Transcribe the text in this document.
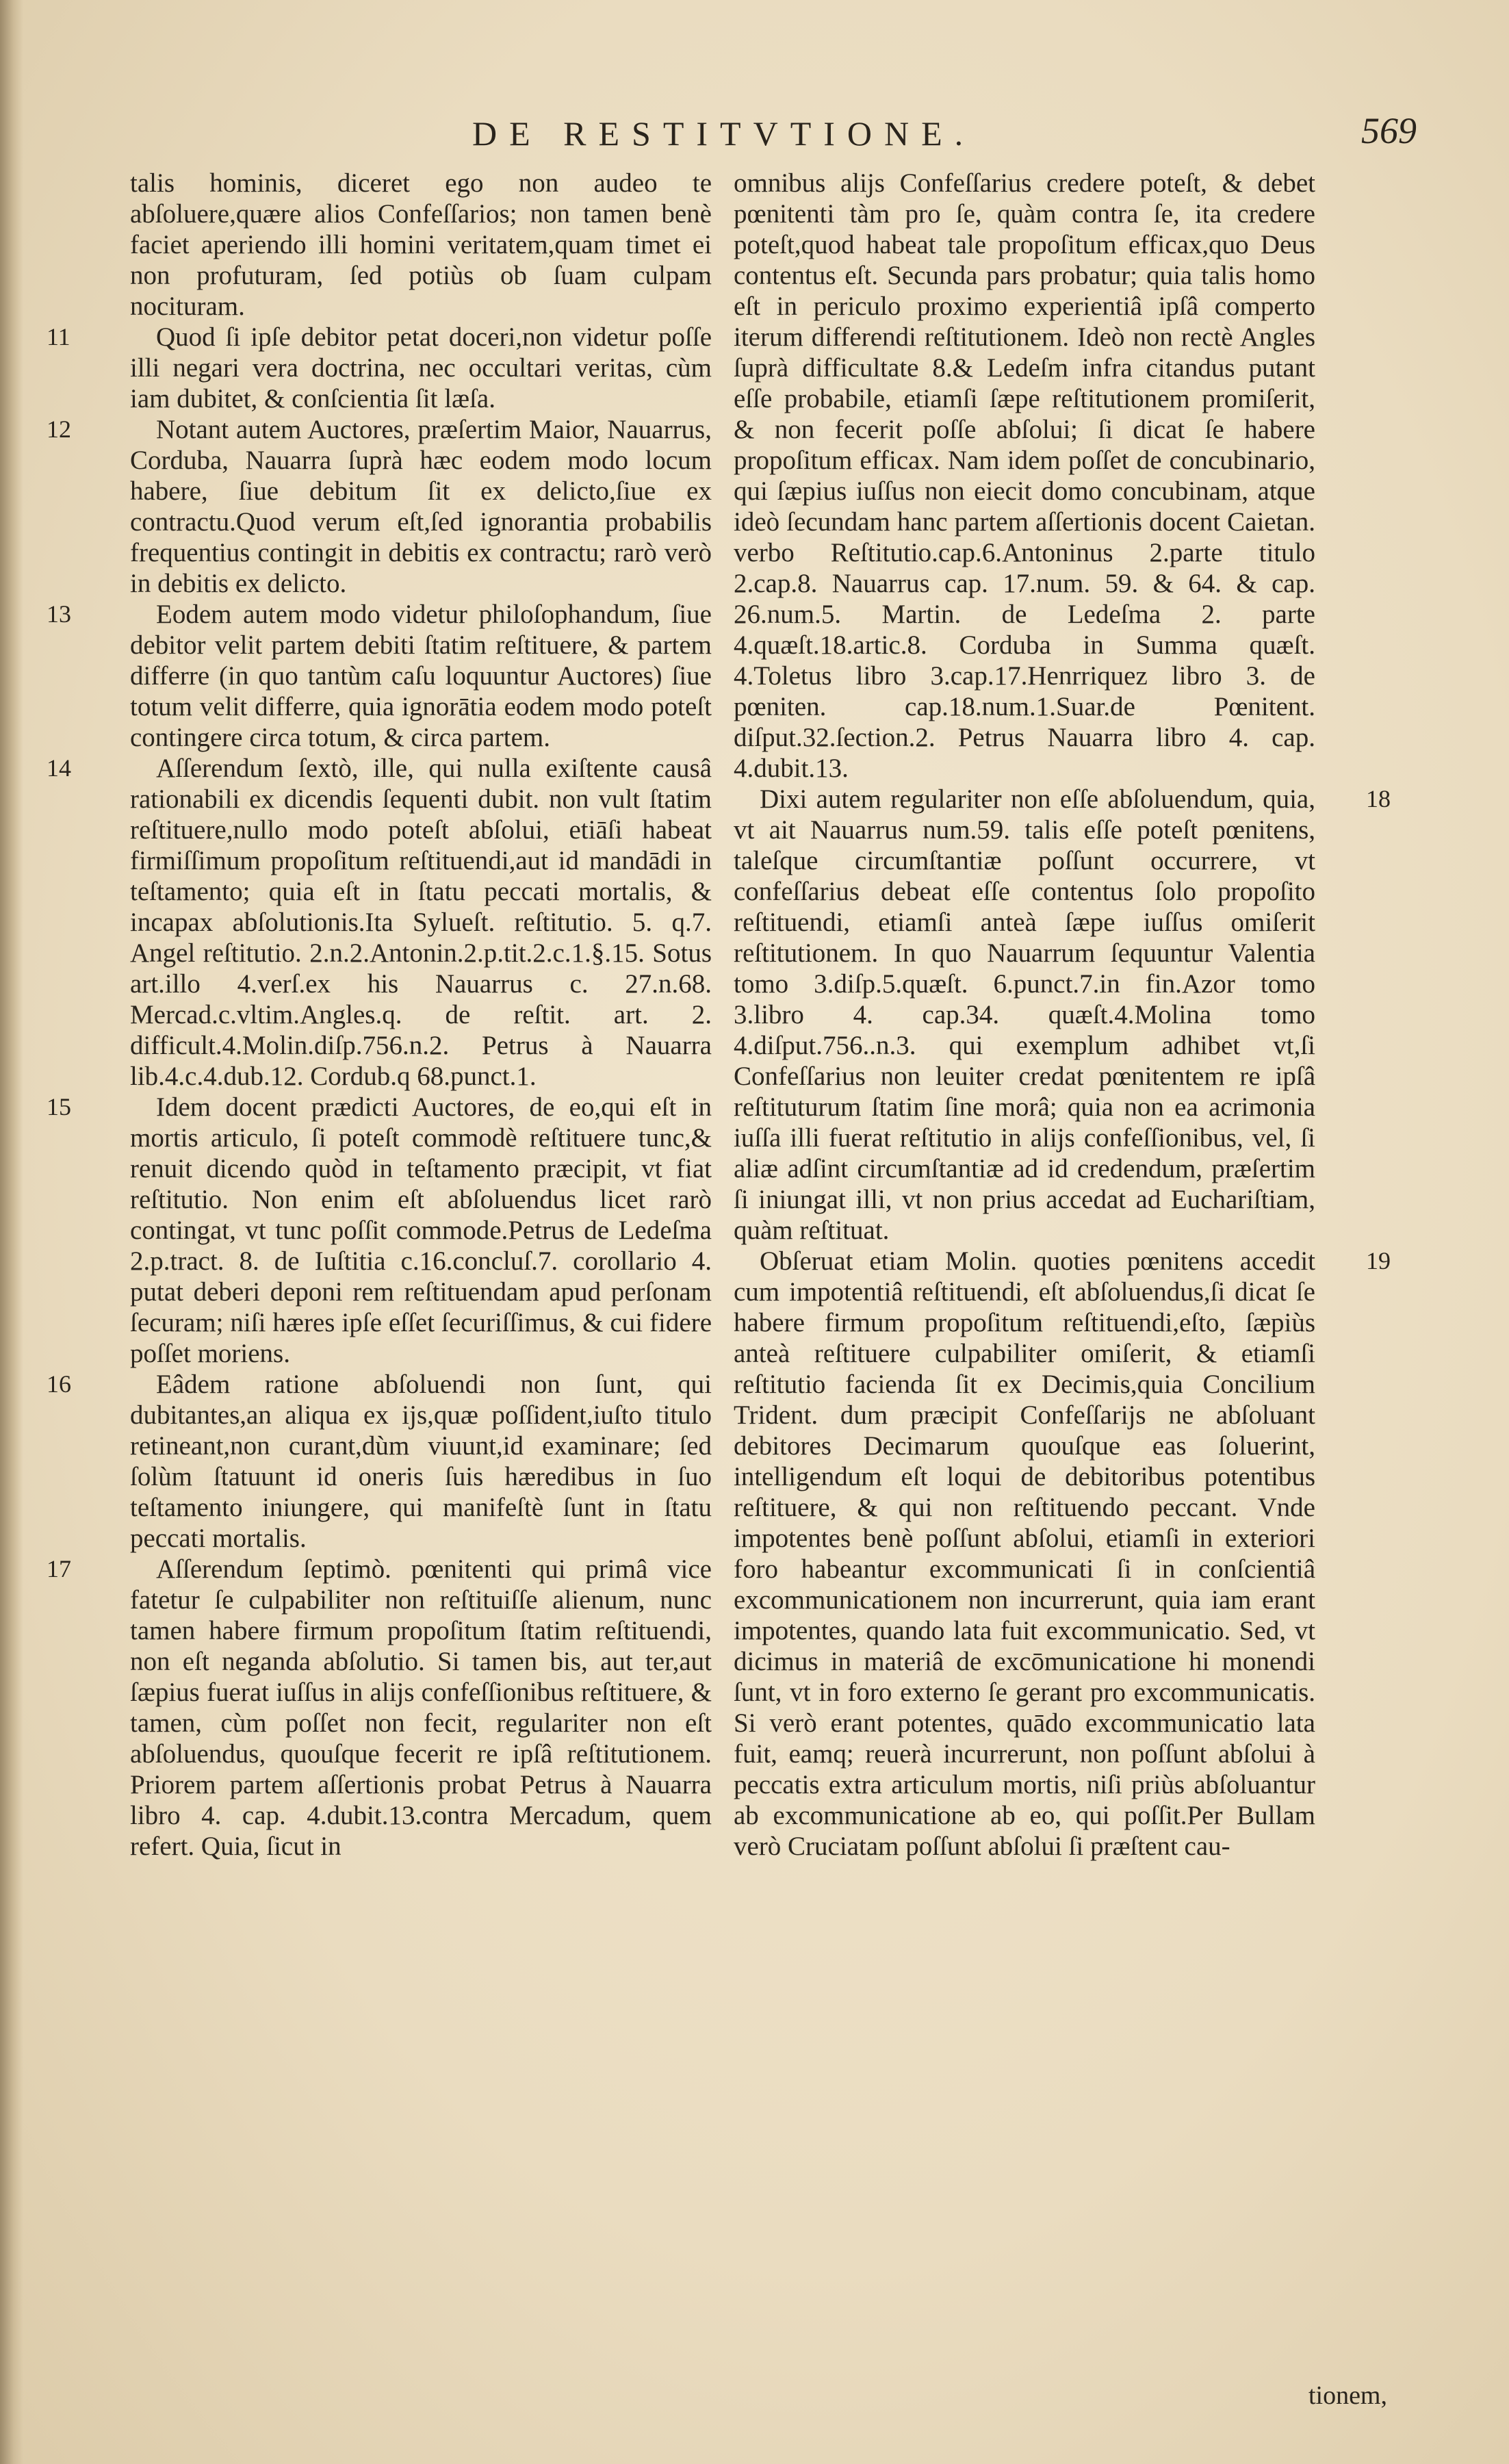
DE RESTITVTIONE.	569

talis hominis, diceret ego non audeo te abſoluere,quære alios Confeſſarios; non tamen benè faciet aperiendo illi homini veritatem,quam timet ei non profuturam, ſed potiùs ob ſuam culpam nocituram.

11	Quod ſi ipſe debitor petat doceri,non videtur poſſe illi negari vera doctrina, nec occultari veritas, cùm iam dubitet, & conſcientia ſit læſa.

12	Notant autem Auctores, præſertim Maior, Nauarrus, Corduba, Nauarra ſuprà hæc eodem modo locum habere, ſiue debitum ſit ex delicto,ſiue ex contractu.Quod verum eſt,ſed ignorantia probabilis frequentius contingit in debitis ex contractu; rarò verò in debitis ex delicto.

13	Eodem autem modo videtur philoſophandum, ſiue debitor velit partem debiti ſtatim reſtituere, & partem differre (in quo tantùm caſu loquuntur Auctores) ſiue totum velit differre, quia ignorātia eodem modo poteſt contingere circa totum, & circa partem.

14	Aſſerendum ſextò, ille, qui nulla exiſtente causâ rationabili ex dicendis ſequenti dubit. non vult ſtatim reſtituere,nullo modo poteſt abſolui, etiāſi habeat firmiſſimum propoſitum reſtituendi,aut id mandādi in teſtamento; quia eſt in ſtatu peccati mortalis, & incapax abſolutionis.Ita Sylueſt. reſtitutio. 5. q.7. Angel reſtitutio. 2.n.2.Antonin.2.p.tit.2.c.1.§.15. Sotus art.illo 4.verſ.ex his Nauarrus c. 27.n.68. Mercad.c.vltim.Angles.q. de reſtit. art. 2. difficult.4.Molin.diſp.756.n.2. Petrus à Nauarra lib.4.c.4.dub.12. Cordub.q 68.punct.1.

15	Idem docent prædicti Auctores, de eo,qui eſt in mortis articulo, ſi poteſt commodè reſtituere tunc,& renuit dicendo quòd in teſtamento præcipit, vt fiat reſtitutio. Non enim eſt abſoluendus licet rarò contingat, vt tunc poſſit commode.Petrus de Ledeſma 2.p.tract. 8. de Iuſtitia c.16.concluſ.7. corollario 4. putat deberi deponi rem reſtituendam apud perſonam ſecuram; niſi hæres ipſe eſſet ſecuriſſimus, & cui fidere poſſet moriens.

16	Eâdem ratione abſoluendi non ſunt, qui dubitantes,an aliqua ex ijs,quæ poſſident,iuſto titulo retineant,non curant,dùm viuunt,id examinare; ſed ſolùm ſtatuunt id oneris ſuis hæredibus in ſuo teſtamento iniungere, qui manifeſtè ſunt in ſtatu peccati mortalis.

17	Aſſerendum ſeptimò. pœnitenti qui primâ vice fatetur ſe culpabiliter non reſtituiſſe alienum, nunc tamen habere firmum propoſitum ſtatim reſtituendi, non eſt neganda abſolutio. Si tamen bis, aut ter,aut ſæpius fuerat iuſſus in alijs confeſſionibus reſtituere, & tamen, cùm poſſet non fecit, regulariter non eſt abſoluendus, quouſque fecerit re ipſâ reſtitutionem. Priorem partem aſſertionis probat Petrus à Nauarra libro 4. cap. 4.dubit.13.contra Mercadum, quem refert. Quia, ſicut in

omnibus alijs Confeſſarius credere poteſt, & debet pœnitenti tàm pro ſe, quàm contra ſe, ita credere poteſt,quod habeat tale propoſitum efficax,quo Deus contentus eſt. Secunda pars probatur; quia talis homo eſt in periculo proximo experientiâ ipſâ comperto iterum differendi reſtitutionem. Ideò non rectè Angles ſuprà difficultate 8.& Ledeſm infra citandus putant eſſe probabile, etiamſi ſæpe reſtitutionem promiſerit, & non fecerit poſſe abſolui; ſi dicat ſe habere propoſitum efficax. Nam idem poſſet de concubinario, qui ſæpius iuſſus non eiecit domo concubinam, atque ideò ſecundam hanc partem aſſertionis docent Caietan. verbo Reſtitutio.cap.6.Antoninus 2.parte titulo 2.cap.8. Nauarrus cap. 17.num. 59. & 64. & cap. 26.num.5. Martin. de Ledeſma 2. parte 4.quæſt.18.artic.8. Corduba in Summa quæſt. 4.Toletus libro 3.cap.17.Henrriquez libro 3. de pœniten. cap.18.num.1.Suar.de Pœnitent. diſput.32.ſection.2. Petrus Nauarra libro 4. cap. 4.dubit.13.

18
Dixi autem regulariter non eſſe abſoluendum, quia, vt ait Nauarrus num.59. talis eſſe poteſt pœnitens, taleſque circumſtantiæ poſſunt occurrere, vt confeſſarius debeat eſſe contentus ſolo propoſito reſtituendi, etiamſi anteà ſæpe iuſſus omiſerit reſtitutionem. In quo Nauarrum ſequuntur Valentia tomo 3.diſp.5.quæſt. 6.punct.7.in fin.Azor tomo 3.libro 4. cap.34. quæſt.4.Molina tomo 4.diſput.756..n.3. qui exemplum adhibet vt,ſi Confeſſarius non leuiter credat pœnitentem re ipſâ reſtituturum ſtatim ſine morâ; quia non ea acrimonia iuſſa illi fuerat reſtitutio in alijs confeſſionibus, vel, ſi aliæ adſint circumſtantiæ ad id credendum, præſertim ſi iniungat illi, vt non prius accedat ad Euchariſtiam, quàm reſtituat.

19
Obſeruat etiam Molin. quoties pœnitens accedit cum impotentiâ reſtituendi, eſt abſoluendus,ſi dicat ſe habere firmum propoſitum reſtituendi,eſto, ſæpiùs anteà reſtituere culpabiliter omiſerit, & etiamſi reſtitutio facienda ſit ex Decimis,quia Concilium Trident. dum præcipit Confeſſarijs ne abſoluant debitores Decimarum quouſque eas ſoluerint, intelligendum eſt loqui de debitoribus potentibus reſtituere, & qui non reſtituendo peccant. Vnde impotentes benè poſſunt abſolui, etiamſi in exteriori foro habeantur excommunicati ſi in conſcientiâ excommunicationem non incurrerunt, quia iam erant impotentes, quando lata fuit excommunicatio. Sed, vt dicimus in materiâ de excōmunicatione hi monendi ſunt, vt in foro externo ſe gerant pro excommunicatis. Si verò erant potentes, quādo excommunicatio lata fuit, eamq; reuerà incurrerunt, non poſſunt abſolui à peccatis extra articulum mortis, niſi priùs abſoluantur ab excommunicatione ab eo, qui poſſit.Per Bullam verò Cruciatam poſſunt abſolui ſi præſtent cau-

tionem,
